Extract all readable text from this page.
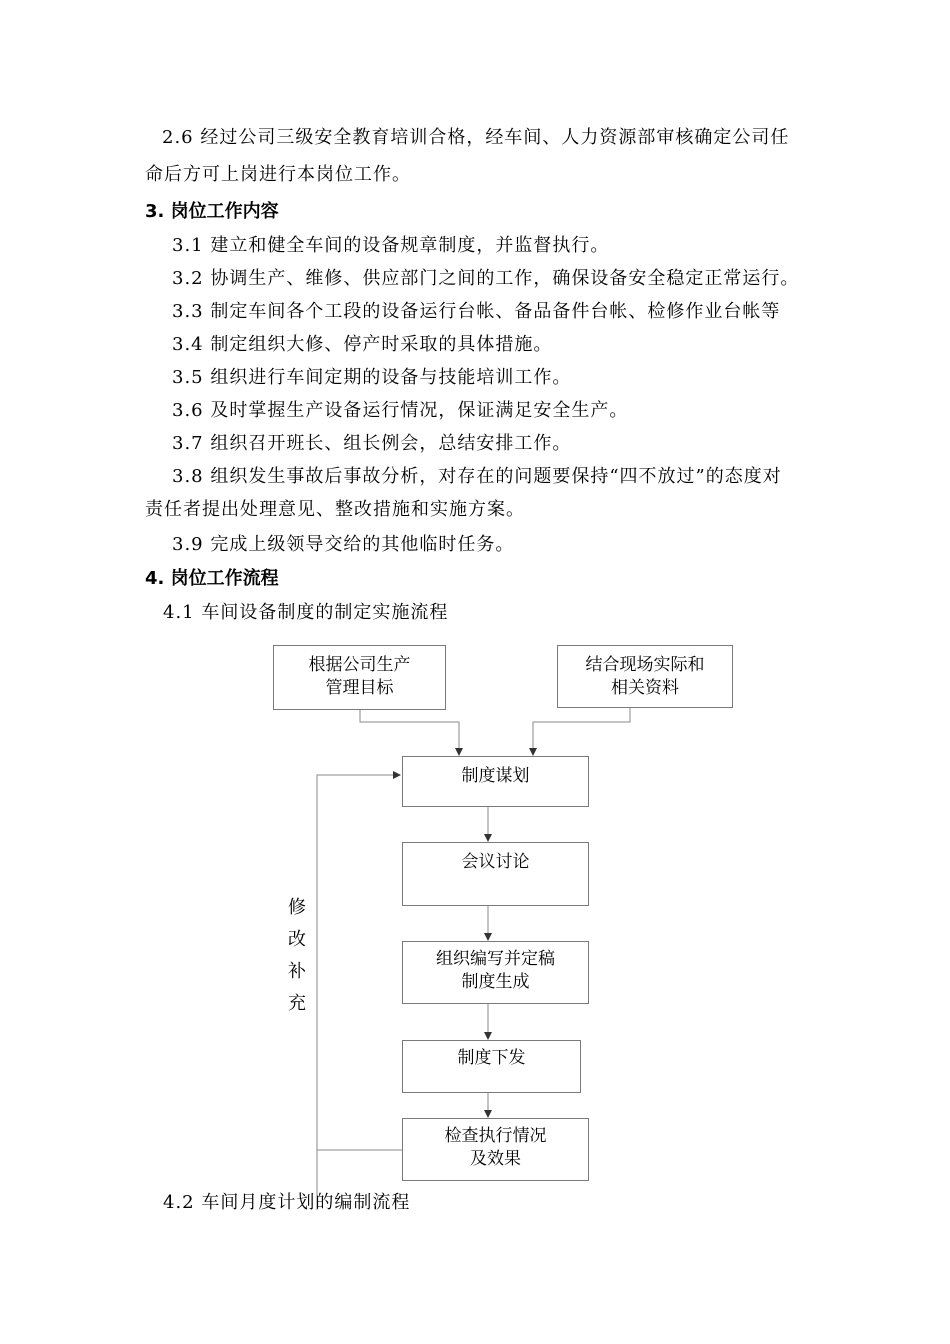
2.6 经过公司三级安全教育培训合格，经车间、人力资源部审核确定公司任
命后方可上岗进行本岗位工作。
3. 岗位工作内容
3.1 建立和健全车间的设备规章制度，并监督执行。
3.2 协调生产、维修、供应部门之间的工作，确保设备安全稳定正常运行。
3.3 制定车间各个工段的设备运行台帐、备品备件台帐、检修作业台帐等
3.4 制定组织大修、停产时采取的具体措施。
3.5 组织进行车间定期的设备与技能培训工作。
3.6 及时掌握生产设备运行情况，保证满足安全生产。
3.7 组织召开班长、组长例会，总结安排工作。
3.8 组织发生事故后事故分析，对存在的问题要保持“四不放过”的态度对
责任者提出处理意见、整改措施和实施方案。
3.9 完成上级领导交给的其他临时任务。
4. 岗位工作流程
4.1 车间设备制度的制定实施流程
根据公司生产
管理目标
结合现场实际和
相关资料
制度谋划
会议讨论
组织编写并定稿
制度生成
制度下发
检查执行情况
及效果
修
改
补
充
4.2 车间月度计划的编制流程
